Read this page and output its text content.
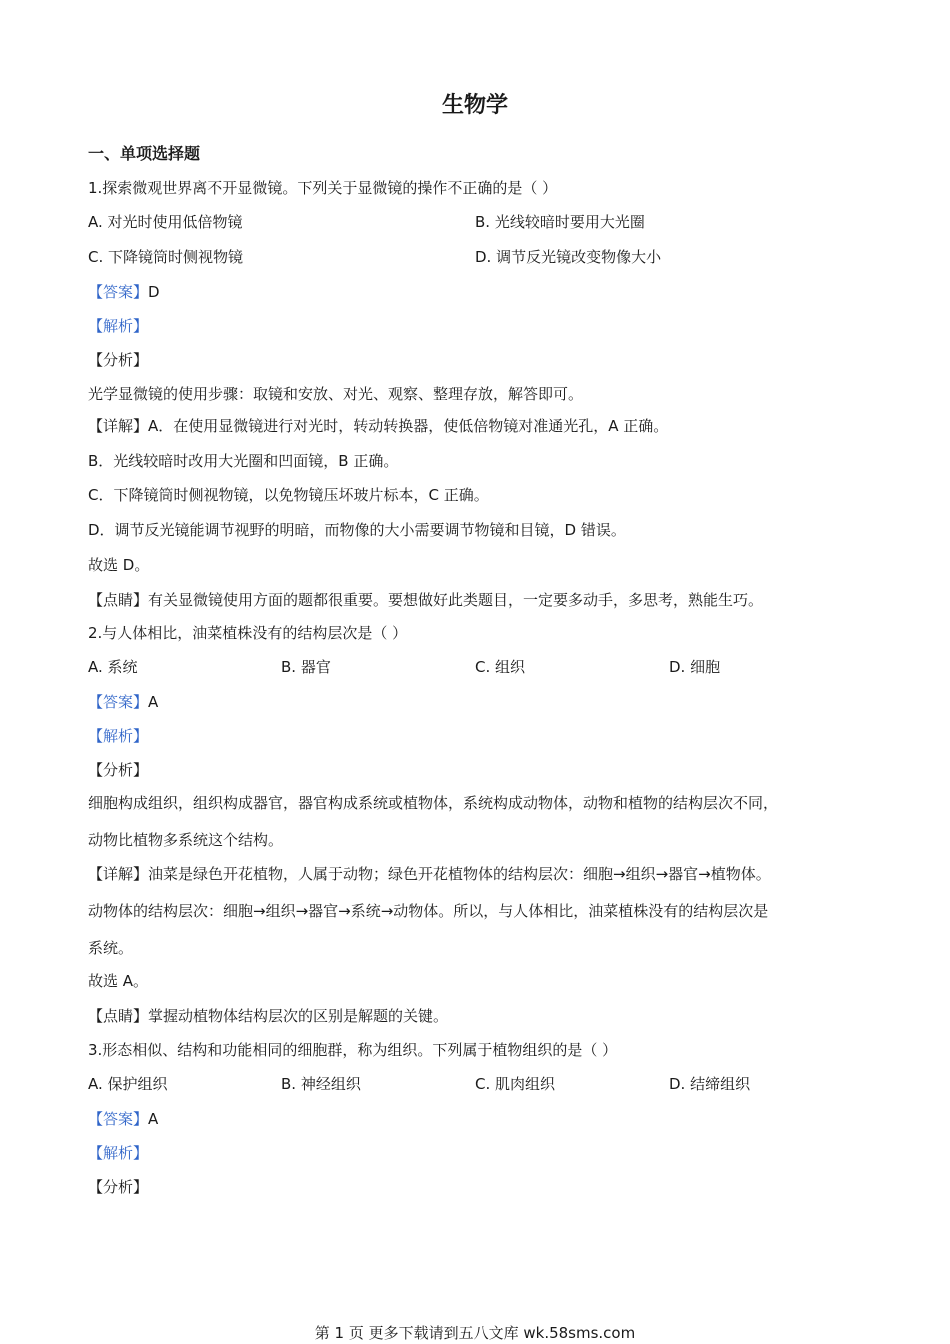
生物学
一、单项选择题
1.探索微观世界离不开显微镜。下列关于显微镜的操作不正确的是（ ）
A. 对光时使用低倍物镜	B. 光线较暗时要用大光圈
C. 下降镜筒时侧视物镜	D. 调节反光镜改变物像大小
【答案】D
【解析】
【分析】
光学显微镜的使用步骤：取镜和安放、对光、观察、整理存放，解答即可。
【详解】A．在使用显微镜进行对光时，转动转换器，使低倍物镜对准通光孔，A 正确。
B．光线较暗时改用大光圈和凹面镜，B 正确。
C．下降镜筒时侧视物镜，以免物镜压坏玻片标本，C 正确。
D．调节反光镜能调节视野的明暗，而物像的大小需要调节物镜和目镜，D 错误。
故选 D。
【点睛】有关显微镜使用方面的题都很重要。要想做好此类题目，一定要多动手，多思考，熟能生巧。
2.与人体相比，油菜植株没有的结构层次是（ ）
A. 系统	B. 器官	C. 组织	D. 细胞
【答案】A
【解析】
【分析】
细胞构成组织，组织构成器官，器官构成系统或植物体，系统构成动物体，动物和植物的结构层次不同，
动物比植物多系统这个结构。
【详解】油菜是绿色开花植物，人属于动物；绿色开花植物体的结构层次：细胞→组织→器官→植物体。
动物体的结构层次：细胞→组织→器官→系统→动物体。所以，与人体相比，油菜植株没有的结构层次是
系统。
故选 A。
【点睛】掌握动植物体结构层次的区别是解题的关键。
3.形态相似、结构和功能相同的细胞群，称为组织。下列属于植物组织的是（ ）
A. 保护组织	B. 神经组织	C. 肌肉组织	D. 结缔组织
【答案】A
【解析】
【分析】
第 1 页 更多下载请到五八文库 wk.58sms.com
